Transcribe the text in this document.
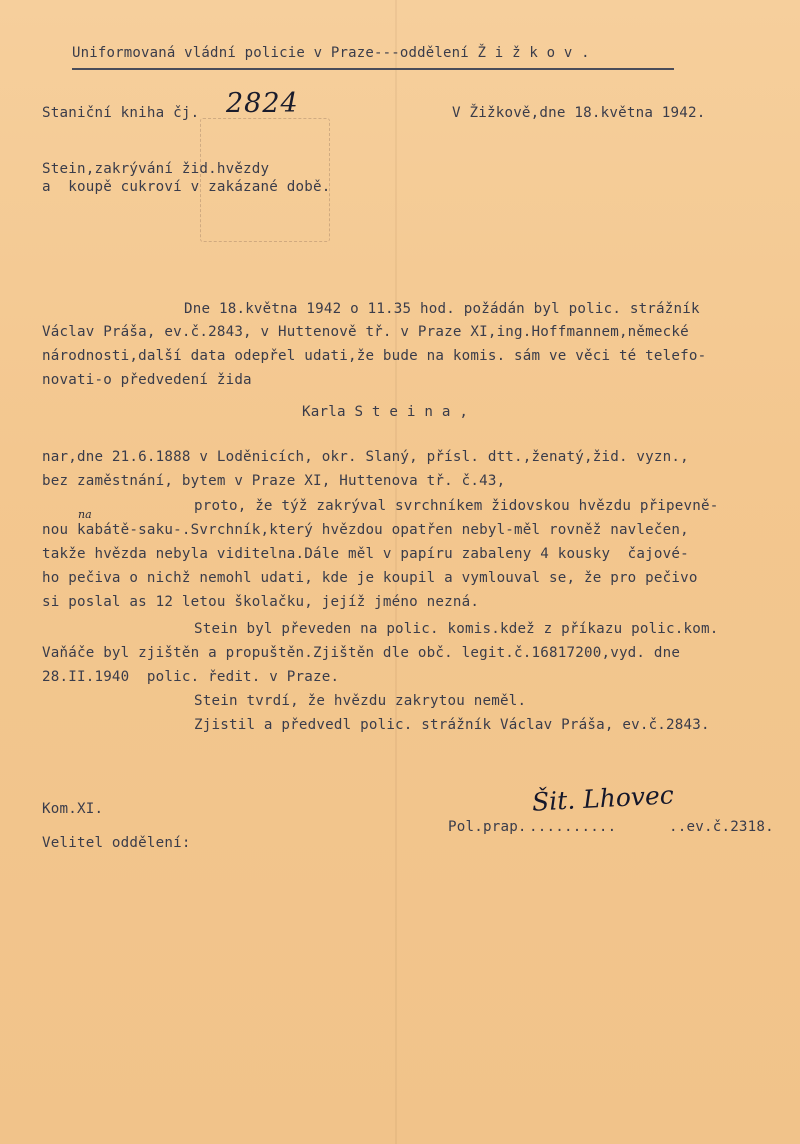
Uniformovaná vládní policie v Praze---oddělení Ž i ž k o v .
Staniční kniha čj. 2824	V Žižkově,dne 18.května 1942.
Stein,zakrývání žid.hvězdy
a  koupě cukroví v zakázané době.
Dne 18.května 1942 o 11.35 hod. požádán byl polic. strážník
Václav Práša, ev.č.2843, v Huttenově tř. v Praze XI,ing.Hoffmannem,německé
národnosti,další data odepřel udati,že bude na komis. sám ve věci té telefo-
novati-o předvedení žida
Karla S t e i n a ,
nar,dne 21.6.1888 v Loděnicích, okr. Slaný, přísl. dtt.,ženatý,žid. vyzn.,
bez zaměstnání, bytem v Praze XI, Huttenova tř. č.43,
proto, že týž zakrýval svrchníkem židovskou hvězdu připevně-
na
nou kabátě-saku-.Svrchník,který hvězdou opatřen nebyl-měl rovněž navlečen,
takže hvězda nebyla viditelna.Dále měl v papíru zabaleny 4 kousky  čajové-
ho pečiva o nichž nemohl udati, kde je koupil a vymlouval se, že pro pečivo
si poslal as 12 letou školačku, jejíž jméno nezná.
Stein byl převeden na polic. komis.kdež z příkazu polic.kom.
Vaňáče byl zjištěn a propuštěn.Zjištěn dle obč. legit.č.16817200,vyd. dne
28.II.1940  polic. ředit. v Praze.
Stein tvrdí, že hvězdu zakrytou neměl.
Zjistil a předvedl polic. strážník Václav Práša, ev.č.2843.
Kom.XI.
Velitel oddělení:
Pol.prap. ..........	..ev.č.2318.
Šit. Lhovec
